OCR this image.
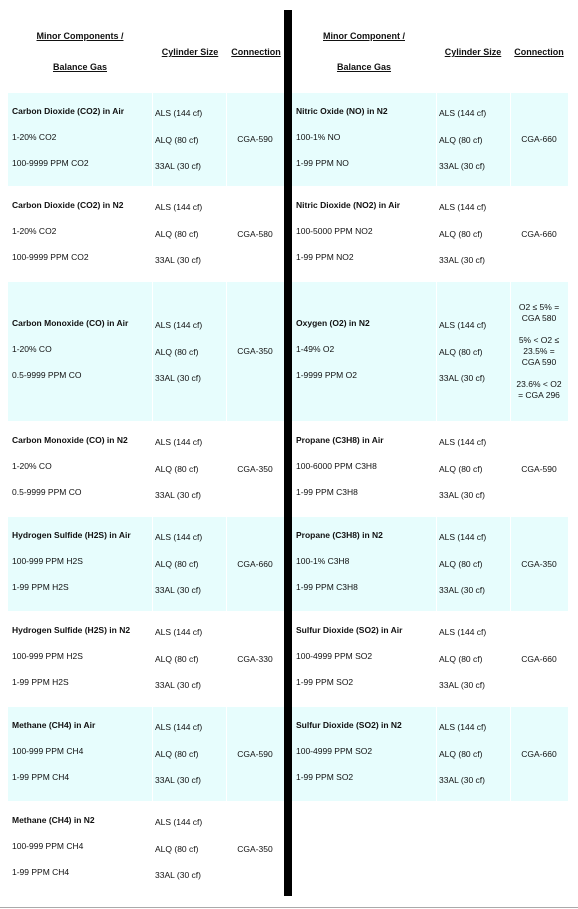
Minor Components /
Balance Gas
Cylinder Size	Connection
Minor Component /
Balance Gas
Cylinder Size	Connection
Carbon Dioxide (CO2) in Air
1-20% CO2
100-9999 PPM CO2
ALS (144 cf)
ALQ (80 cf)
33AL (30 cf)
CGA-590
Carbon Dioxide (CO2) in N2
1-20% CO2
100-9999 PPM CO2
ALS (144 cf)
ALQ (80 cf)
33AL (30 cf)
CGA-580
Carbon Monoxide (CO) in Air
1-20% CO
0.5-9999 PPM CO
ALS (144 cf)
ALQ (80 cf)
33AL (30 cf)
CGA-350
Carbon Monoxide (CO) in N2
1-20% CO
0.5-9999 PPM CO
ALS (144 cf)
ALQ (80 cf)
33AL (30 cf)
CGA-350
Hydrogen Sulfide (H2S) in Air
100-999 PPM H2S
1-99 PPM H2S
ALS (144 cf)
ALQ (80 cf)
33AL (30 cf)
CGA-660
Hydrogen Sulfide (H2S) in N2
100-999 PPM H2S
1-99 PPM H2S
ALS (144 cf)
ALQ (80 cf)
33AL (30 cf)
CGA-330
Methane (CH4) in Air
100-999 PPM CH4
1-99 PPM CH4
ALS (144 cf)
ALQ (80 cf)
33AL (30 cf)
CGA-590
Methane (CH4) in N2
100-999 PPM CH4
1-99 PPM CH4
ALS (144 cf)
ALQ (80 cf)
33AL (30 cf)
CGA-350
Nitric Oxide (NO) in N2
100-1% NO
1-99 PPM NO
ALS (144 cf)
ALQ (80 cf)
33AL (30 cf)
CGA-660
Nitric Dioxide (NO2) in Air
100-5000 PPM NO2
1-99 PPM NO2
ALS (144 cf)
ALQ (80 cf)
33AL (30 cf)
CGA-660
Oxygen (O2) in N2
1-49% O2
1-9999 PPM O2
ALS (144 cf)
ALQ (80 cf)
33AL (30 cf)
O2 ≤ 5% =
CGA 580
5% < O2 ≤
23.5% =
CGA 590
23.6% < O2
= CGA 296
Propane (C3H8) in Air
100-6000 PPM C3H8
1-99 PPM C3H8
ALS (144 cf)
ALQ (80 cf)
33AL (30 cf)
CGA-590
Propane (C3H8) in N2
100-1% C3H8
1-99 PPM C3H8
ALS (144 cf)
ALQ (80 cf)
33AL (30 cf)
CGA-350
Sulfur Dioxide (SO2) in Air
100-4999 PPM SO2
1-99 PPM SO2
ALS (144 cf)
ALQ (80 cf)
33AL (30 cf)
CGA-660
Sulfur Dioxide (SO2) in N2
100-4999 PPM SO2
1-99 PPM SO2
ALS (144 cf)
ALQ (80 cf)
33AL (30 cf)
CGA-660
